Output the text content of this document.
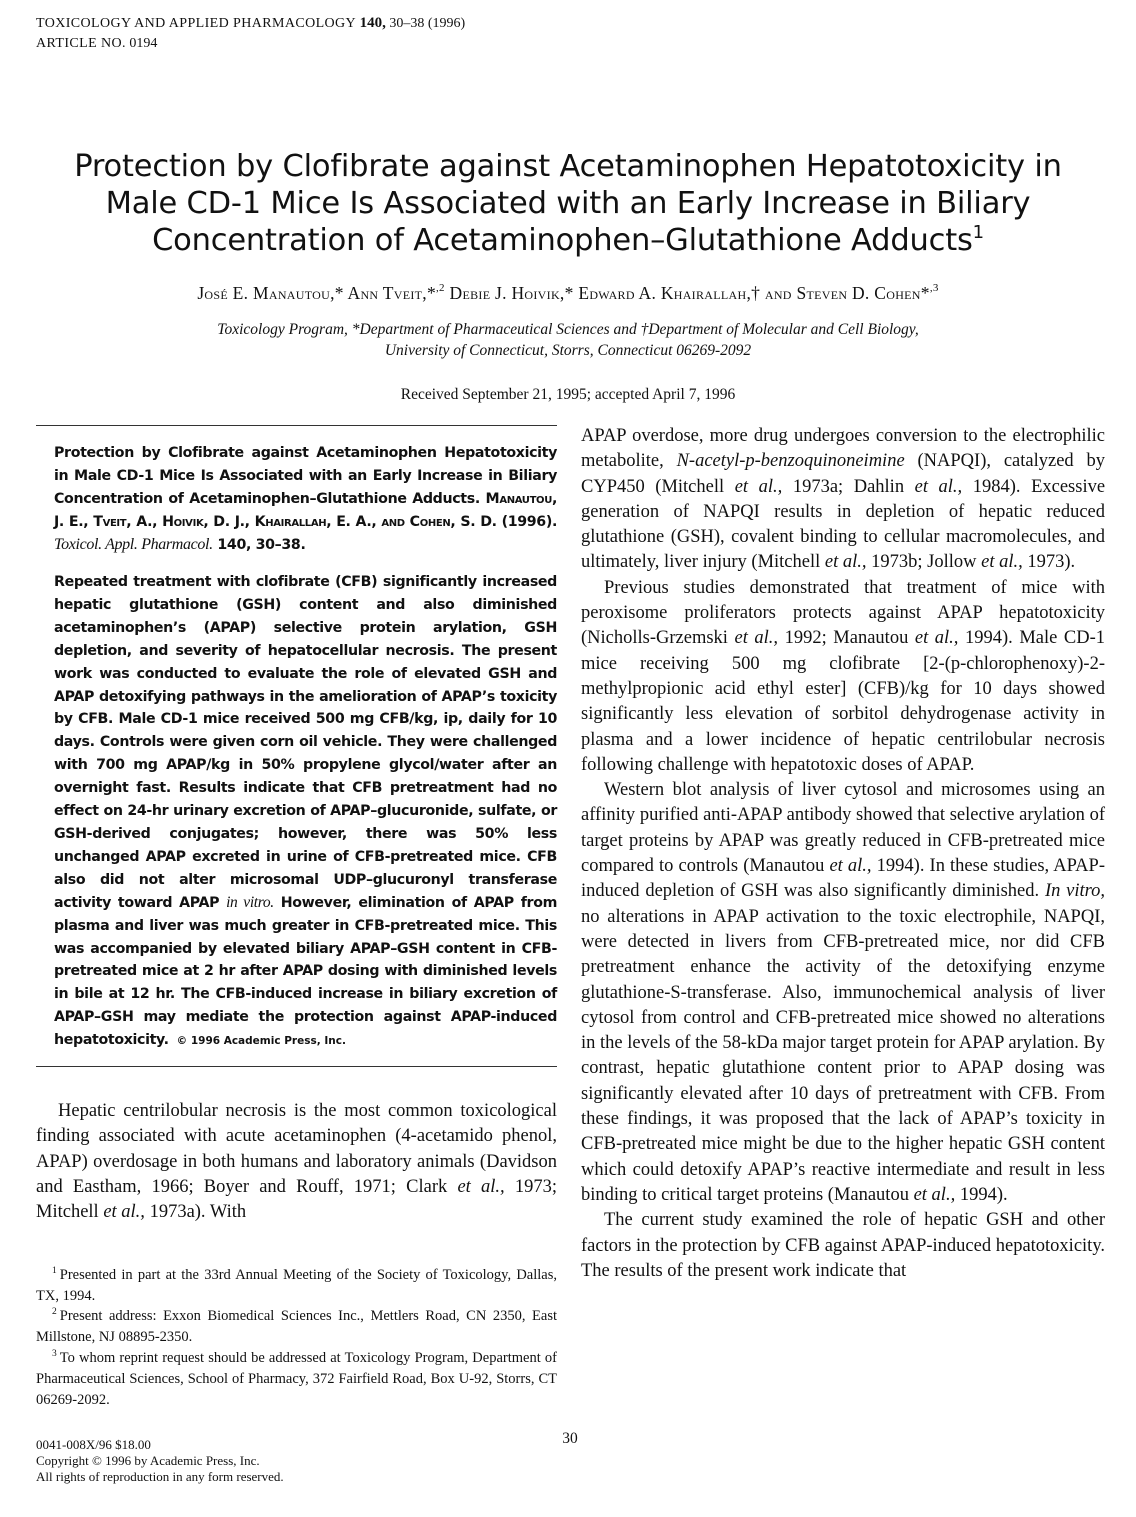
TOXICOLOGY AND APPLIED PHARMACOLOGY 140, 30–38 (1996)
ARTICLE NO. 0194
Protection by Clofibrate against Acetaminophen Hepatotoxicity in
Male CD-1 Mice Is Associated with an Early Increase in Biliary
Concentration of Acetaminophen–Glutathione Adducts$^1$
José E. Manautou,* Ann Tveit,*$^{,2}$ Debie J. Hoivik,* Edward A. Khairallah,† and Steven D. Cohen*$^{,3}$
Toxicology Program, *Department of Pharmaceutical Sciences and †Department of Molecular and Cell Biology,
University of Connecticut, Storrs, Connecticut 06269-2092
Received September 21, 1995; accepted April 7, 1996

Protection by Clofibrate against Acetaminophen Hepatotoxicity in Male CD-1 Mice Is Associated with an Early Increase in Biliary Concentration of Acetaminophen–Glutathione Adducts. Manautou, J. E., Tveit, A., Hoivik, D. J., Khairallah, E. A., and Cohen, S. D. (1996). Toxicol. Appl. Pharmacol. 140, 30–38.

Repeated treatment with clofibrate (CFB) significantly increased hepatic glutathione (GSH) content and also diminished acetaminophen’s (APAP) selective protein arylation, GSH depletion, and severity of hepatocellular necrosis. The present work was conducted to evaluate the role of elevated GSH and APAP detoxifying pathways in the amelioration of APAP’s toxicity by CFB. Male CD-1 mice received 500 mg CFB/kg, ip, daily for 10 days. Controls were given corn oil vehicle. They were challenged with 700 mg APAP/kg in 50% propylene glycol/water after an overnight fast. Results indicate that CFB pretreatment had no effect on 24-hr urinary excretion of APAP–glucuronide, sulfate, or GSH-derived conjugates; however, there was 50% less unchanged APAP excreted in urine of CFB-pretreated mice. CFB also did not alter microsomal UDP–glucuronyl transferase activity toward APAP in vitro. However, elimination of APAP from plasma and liver was much greater in CFB-pretreated mice. This was accompanied by elevated biliary APAP–GSH content in CFB-pretreated mice at 2 hr after APAP dosing with diminished levels in bile at 12 hr. The CFB-induced increase in biliary excretion of APAP–GSH may mediate the protection against APAP-induced hepatotoxicity. © 1996 Academic Press, Inc.

Hepatic centrilobular necrosis is the most common toxicological finding associated with acute acetaminophen (4-acetamido phenol, APAP) overdosage in both humans and laboratory animals (Davidson and Eastham, 1966; Boyer and Rouff, 1971; Clark et al., 1973; Mitchell et al., 1973a). With

$^1$ Presented in part at the 33rd Annual Meeting of the Society of Toxicology, Dallas, TX, 1994.

$^2$ Present address: Exxon Biomedical Sciences Inc., Mettlers Road, CN 2350, East Millstone, NJ 08895-2350.

$^3$ To whom reprint request should be addressed at Toxicology Program, Department of Pharmaceutical Sciences, School of Pharmacy, 372 Fairfield Road, Box U-92, Storrs, CT 06269-2092.

APAP overdose, more drug undergoes conversion to the electrophilic metabolite, N-acetyl-p-benzoquinoneimine (NAPQI), catalyzed by CYP450 (Mitchell et al., 1973a; Dahlin et al., 1984). Excessive generation of NAPQI results in depletion of hepatic reduced glutathione (GSH), covalent binding to cellular macromolecules, and ultimately, liver injury (Mitchell et al., 1973b; Jollow et al., 1973).

Previous studies demonstrated that treatment of mice with peroxisome proliferators protects against APAP hepatotoxicity (Nicholls-Grzemski et al., 1992; Manautou et al., 1994). Male CD-1 mice receiving 500 mg clofibrate [2-(p-chlorophenoxy)-2-methylpropionic acid ethyl ester] (CFB)/kg for 10 days showed significantly less elevation of sorbitol dehydrogenase activity in plasma and a lower incidence of hepatic centrilobular necrosis following challenge with hepatotoxic doses of APAP.

Western blot analysis of liver cytosol and microsomes using an affinity purified anti-APAP antibody showed that selective arylation of target proteins by APAP was greatly reduced in CFB-pretreated mice compared to controls (Manautou et al., 1994). In these studies, APAP-induced depletion of GSH was also significantly diminished. In vitro, no alterations in APAP activation to the toxic electrophile, NAPQI, were detected in livers from CFB-pretreated mice, nor did CFB pretreatment enhance the activity of the detoxifying enzyme glutathione-S-transferase. Also, immunochemical analysis of liver cytosol from control and CFB-pretreated mice showed no alterations in the levels of the 58-kDa major target protein for APAP arylation. By contrast, hepatic glutathione content prior to APAP dosing was significantly elevated after 10 days of pretreatment with CFB. From these findings, it was proposed that the lack of APAP’s toxicity in CFB-pretreated mice might be due to the higher hepatic GSH content which could detoxify APAP’s reactive intermediate and result in less binding to critical target proteins (Manautou et al., 1994).

The current study examined the role of hepatic GSH and other factors in the protection by CFB against APAP-induced hepatotoxicity. The results of the present work indicate that

30
0041-008X/96 $18.00
Copyright © 1996 by Academic Press, Inc.
All rights of reproduction in any form reserved.
